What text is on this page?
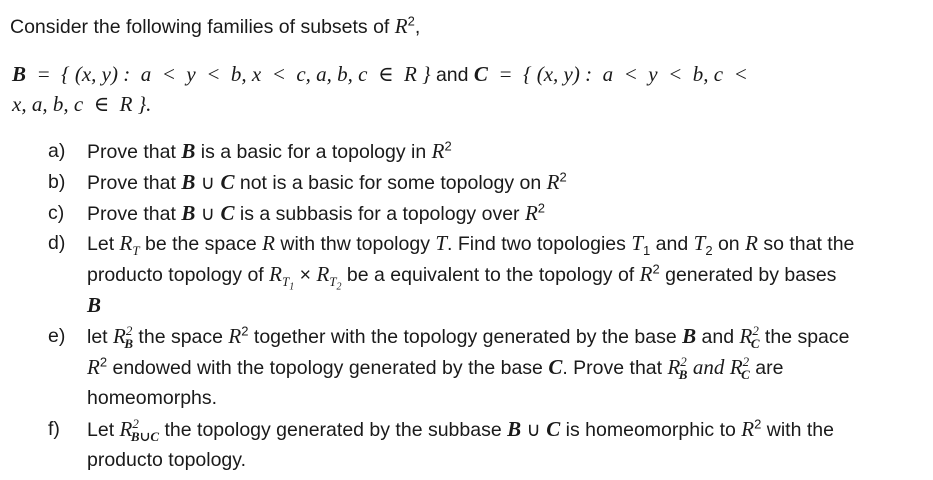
Consider the following families of subsets of $R^2$,
B  =  { (x, y) :  a  <  y  <  b, x  <  c, a, b, c  ∈  R } and C  =  { (x, y) :  a  <  y  <  b, c  <
x, a, b, c  ∈  R }.
a)	Prove that B is a basic for a topology in $R^2$
b)	Prove that B ∪ C not is a basic for some topology on $R^2$
c)	Prove that B ∪ C is a subbasis for a topology over $R^2$
d)	Let $R_T$ be the space R with thw topology T. Find two topologies $T_1$ and $T_2$ on R so that the
producto topology of $R_{T_1} \times R_{T_2}$ be a equivalent to the topology of $R^2$ generated by bases
B
e)	let $R^2_B$ the space $R^2$ together with the topology generated by the base B and $R^2_C$ the space
$R^2$ endowed with the topology generated by the base C. Prove that $R^2_B$ and $R^2_C$ are
homeomorphs.
f)	Let $R^2_{B\cup C}$ the topology generated by the subbase B ∪ C is homeomorphic to $R^2$ with the
producto topology.
